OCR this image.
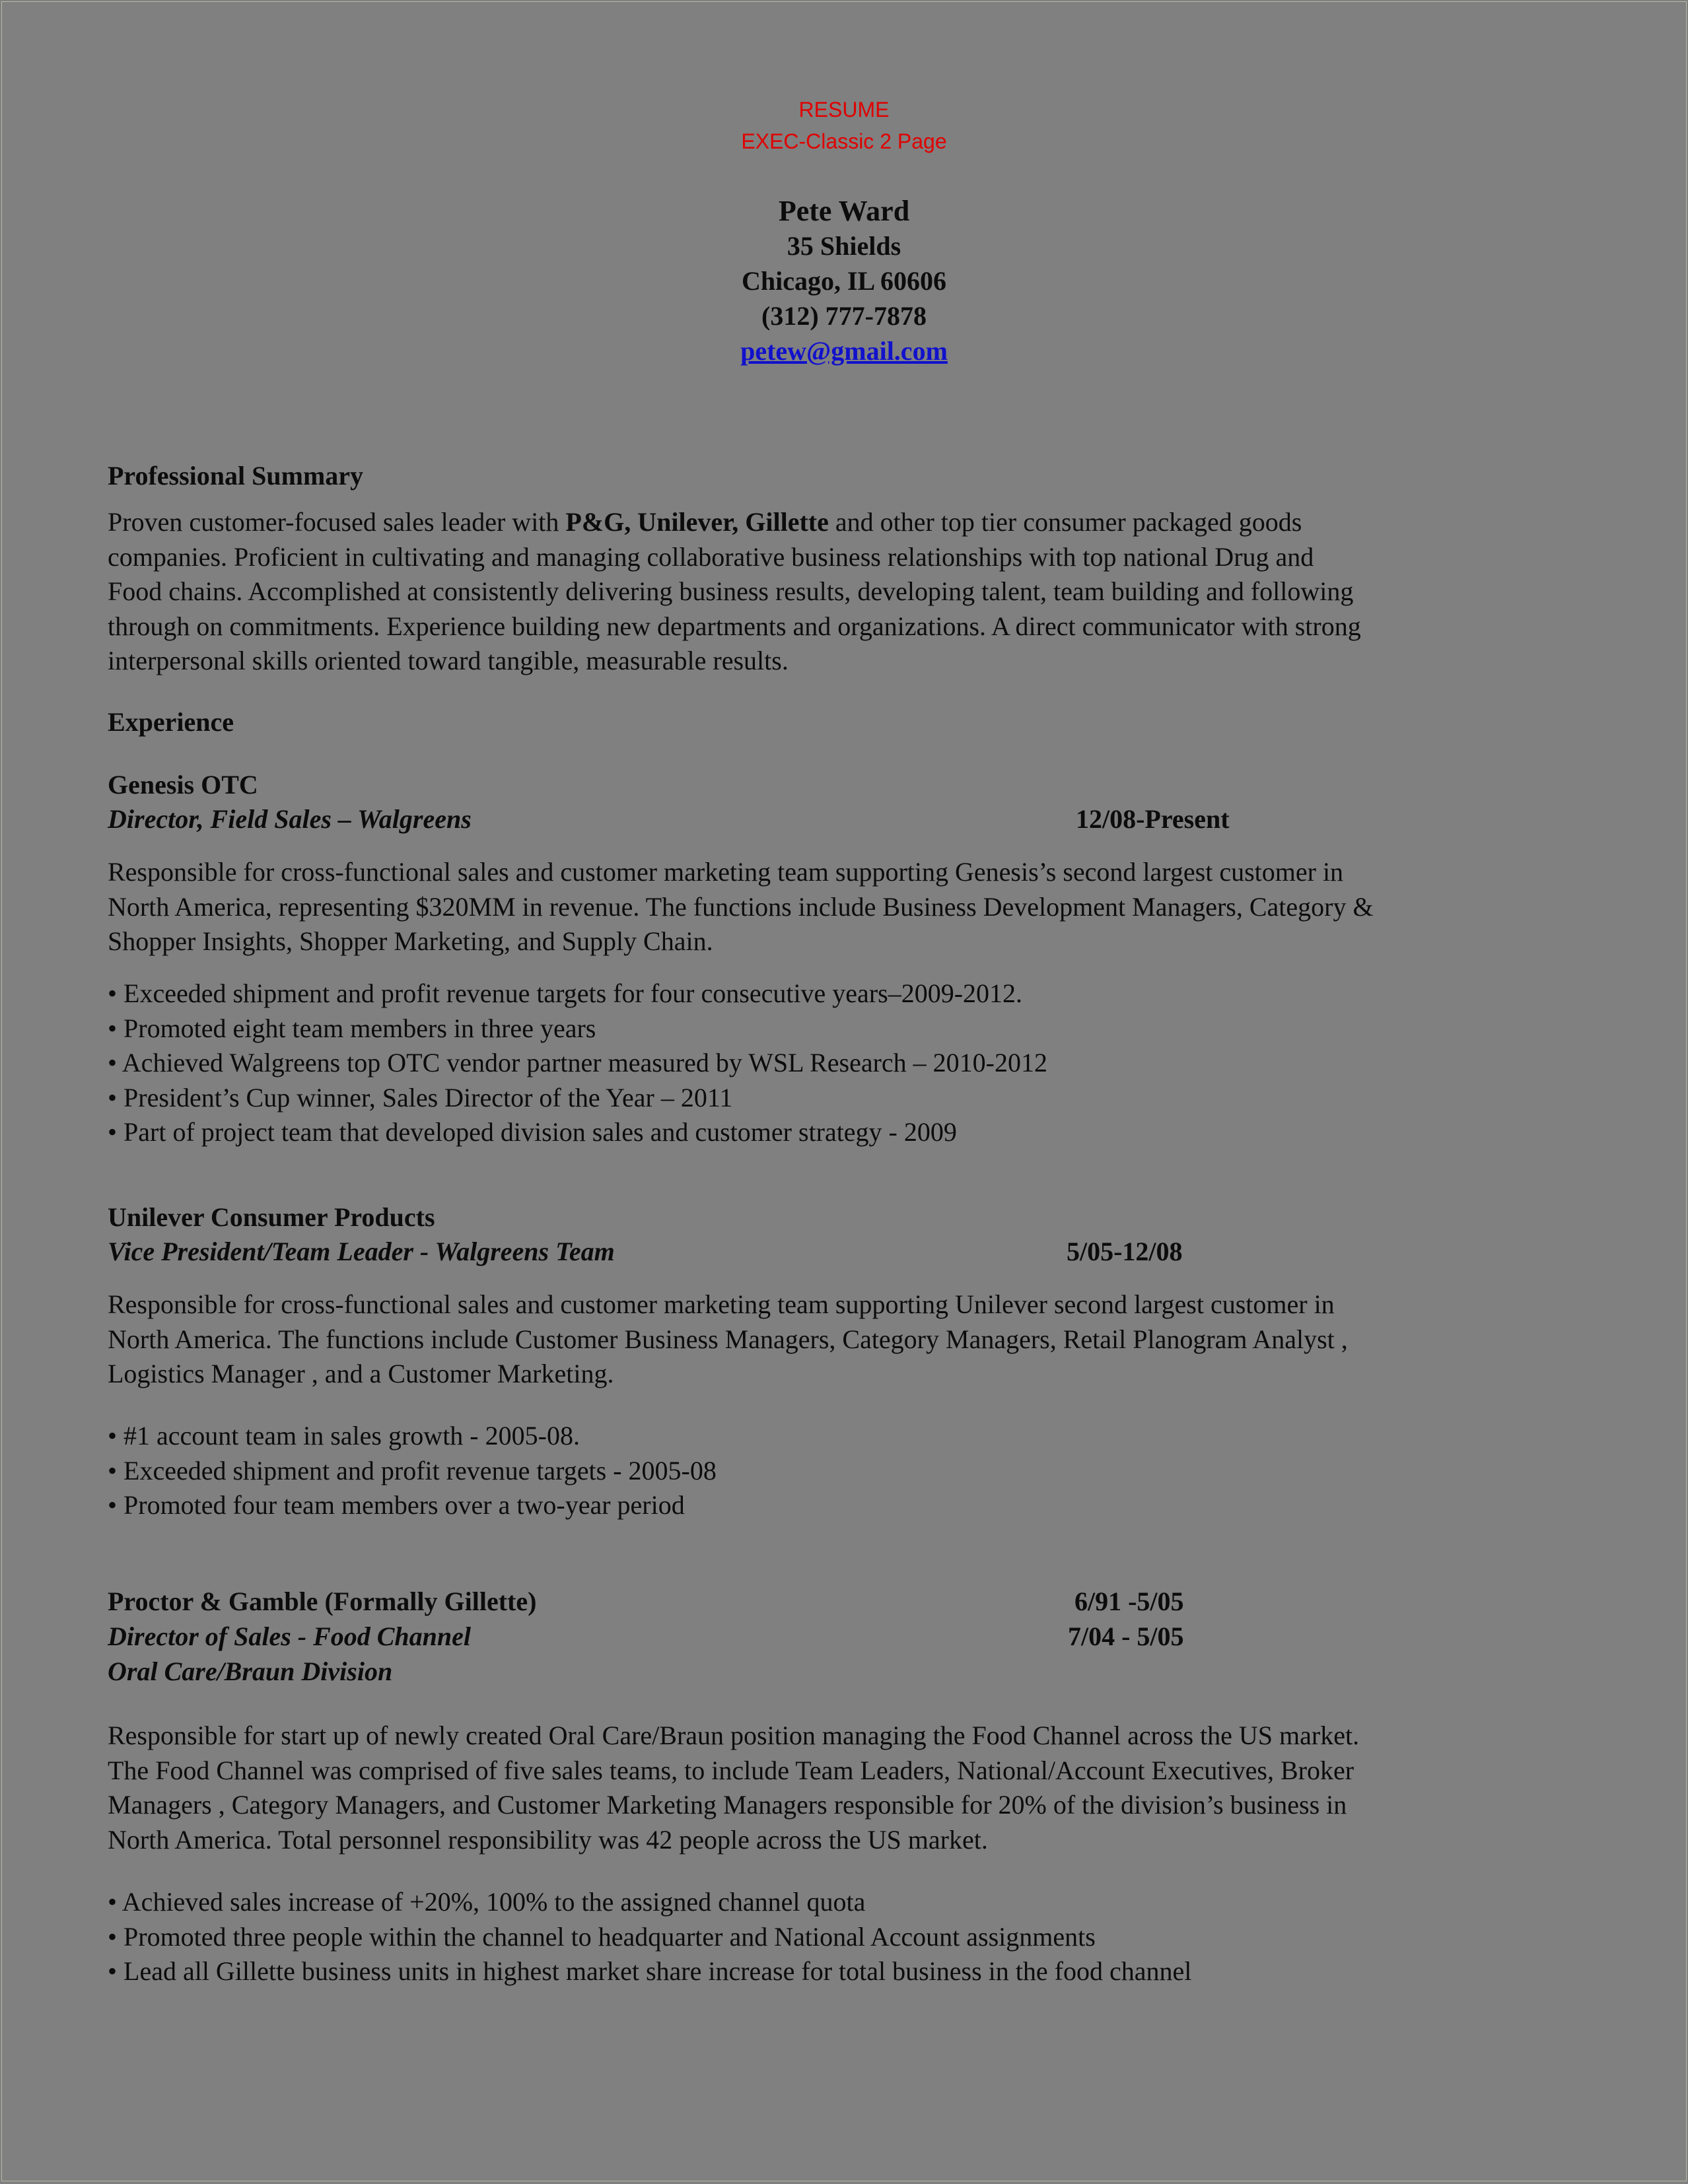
RESUME
EXEC-Classic 2 Page
Pete Ward
35 Shields
Chicago, IL 60606
(312) 777-7878
petew@gmail.com
Professional Summary
Proven customer-focused sales leader with P&G, Unilever, Gillette and other top tier consumer packaged goods
companies. Proficient in cultivating and managing collaborative business relationships with top national Drug and
Food chains. Accomplished at consistently delivering business results, developing talent, team building and following
through on commitments. Experience building new departments and organizations. A direct communicator with strong
interpersonal skills oriented toward tangible, measurable results.
Experience
Genesis OTC
Director, Field Sales – Walgreens	12/08-Present
Responsible for cross-functional sales and customer marketing team supporting Genesis’s second largest customer in
North America, representing $320MM in revenue. The functions include Business Development Managers, Category &
Shopper Insights, Shopper Marketing, and Supply Chain.
• Exceeded shipment and profit revenue targets for four consecutive years–2009-2012.
• Promoted eight team members in three years
• Achieved Walgreens top OTC vendor partner measured by WSL Research – 2010-2012
• President’s Cup winner, Sales Director of the Year – 2011
• Part of project team that developed division sales and customer strategy - 2009
Unilever Consumer Products
Vice President/Team Leader - Walgreens Team	5/05-12/08
Responsible for cross-functional sales and customer marketing team supporting Unilever second largest customer in
North America. The functions include Customer Business Managers, Category Managers, Retail Planogram Analyst ,
Logistics Manager , and a Customer Marketing.
• #1 account team in sales growth - 2005-08.
• Exceeded shipment and profit revenue targets - 2005-08
• Promoted four team members over a two-year period
Proctor & Gamble (Formally Gillette)	6/91 -5/05
Director of Sales - Food Channel	7/04 - 5/05
Oral Care/Braun Division
Responsible for start up of newly created Oral Care/Braun position managing the Food Channel across the US market.
The Food Channel was comprised of five sales teams, to include Team Leaders, National/Account Executives, Broker
Managers , Category Managers, and Customer Marketing Managers responsible for 20% of the division’s business in
North America. Total personnel responsibility was 42 people across the US market.
• Achieved sales increase of +20%, 100% to the assigned channel quota
• Promoted three people within the channel to headquarter and National Account assignments
• Lead all Gillette business units in highest market share increase for total business in the food channel
